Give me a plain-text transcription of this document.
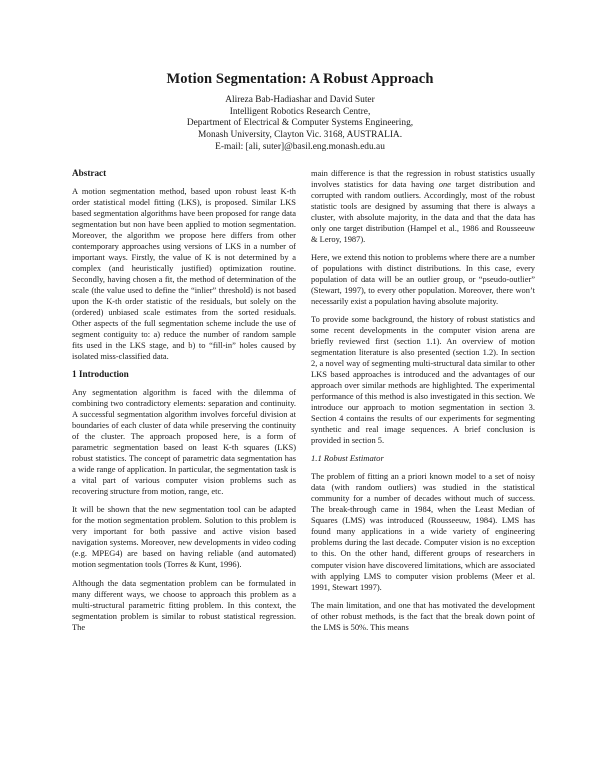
Motion Segmentation: A Robust Approach
Alireza Bab-Hadiashar and David Suter
Intelligent Robotics Research Centre,
Department of Electrical & Computer Systems Engineering,
Monash University, Clayton Vic. 3168, AUSTRALIA.
E-mail: [ali, suter]@basil.eng.monash.edu.au
Abstract

A motion segmentation method, based upon robust least K-th order statistical model fitting (LKS), is proposed. Similar LKS based segmentation algorithms have been proposed for range data segmentation but non have been applied to motion segmentation. Moreover, the algorithm we propose here differs from other contemporary approaches using versions of LKS in a number of important ways. Firstly, the value of K is not determined by a complex (and heuristically justified) optimization routine. Secondly, having chosen a fit, the method of determination of the scale (the value used to define the “inlier” threshold) is not based upon the K-th order statistic of the residuals, but solely on the (ordered) unbiased scale estimates from the sorted residuals. Other aspects of the full segmentation scheme include the use of segment contiguity to: a) reduce the number of random sample fits used in the LKS stage, and b) to “fill-in” holes caused by isolated miss-classified data.

1 Introduction

Any segmentation algorithm is faced with the dilemma of combining two contradictory elements: separation and continuity. A successful segmentation algorithm involves forceful division at boundaries of each cluster of data while preserving the continuity of the cluster. The approach proposed here, is a form of parametric segmentation based on least K-th squares (LKS) robust statistics. The concept of parametric data segmentation has a wide range of application. In particular, the segmentation task is a vital part of various computer vision problems such as recovering structure from motion, range, etc.

It will be shown that the new segmentation tool can be adapted for the motion segmentation problem. Solution to this problem is very important for both passive and active vision based navigation systems. Moreover, new developments in video coding (e.g. MPEG4) are based on having reliable (and automated) motion segmentation tools (Torres & Kunt, 1996).

Although the data segmentation problem can be formulated in many different ways, we choose to approach this problem as a multi-structural parametric fitting problem. In this context, the segmentation problem is similar to robust statistical regression. The

main difference is that the regression in robust statistics usually involves statistics for data having one target distribution and corrupted with random outliers. Accordingly, most of the robust statistic tools are designed by assuming that there is always a cluster, with absolute majority, in the data and that the data has only one target distribution (Hampel et al., 1986 and Rousseeuw & Leroy, 1987).

Here, we extend this notion to problems where there are a number of populations with distinct distributions. In this case, every population of data will be an outlier group, or “pseudo-outlier” (Stewart, 1997), to every other population. Moreover, there won’t necessarily exist a population having absolute majority.

To provide some background, the history of robust statistics and some recent developments in the computer vision arena are briefly reviewed first (section 1.1). An overview of motion segmentation literature is also presented (section 1.2). In section 2, a novel way of segmenting multi-structural data similar to other LKS based approaches is introduced and the advantages of our approach over similar methods are highlighted. The experimental performance of this method is also investigated in this section. We introduce our approach to motion segmentation in section 3. Section 4 contains the results of our experiments for segmenting synthetic and real image sequences. A brief conclusion is provided in section 5.

1.1 Robust Estimator

The problem of fitting an a priori known model to a set of noisy data (with random outliers) was studied in the statistical community for a number of decades without much of success. The break-through came in 1984, when the Least Median of Squares (LMS) was introduced (Rousseeuw, 1984). LMS has found many applications in a wide variety of engineering problems during the last decade. Computer vision is no exception to this. On the other hand, different groups of researchers in computer vision have discovered limitations, which are associated with applying LMS to computer vision problems (Meer et al. 1991, Stewart 1997).

The main limitation, and one that has motivated the development of other robust methods, is the fact that the break down point of the LMS is 50%. This means
